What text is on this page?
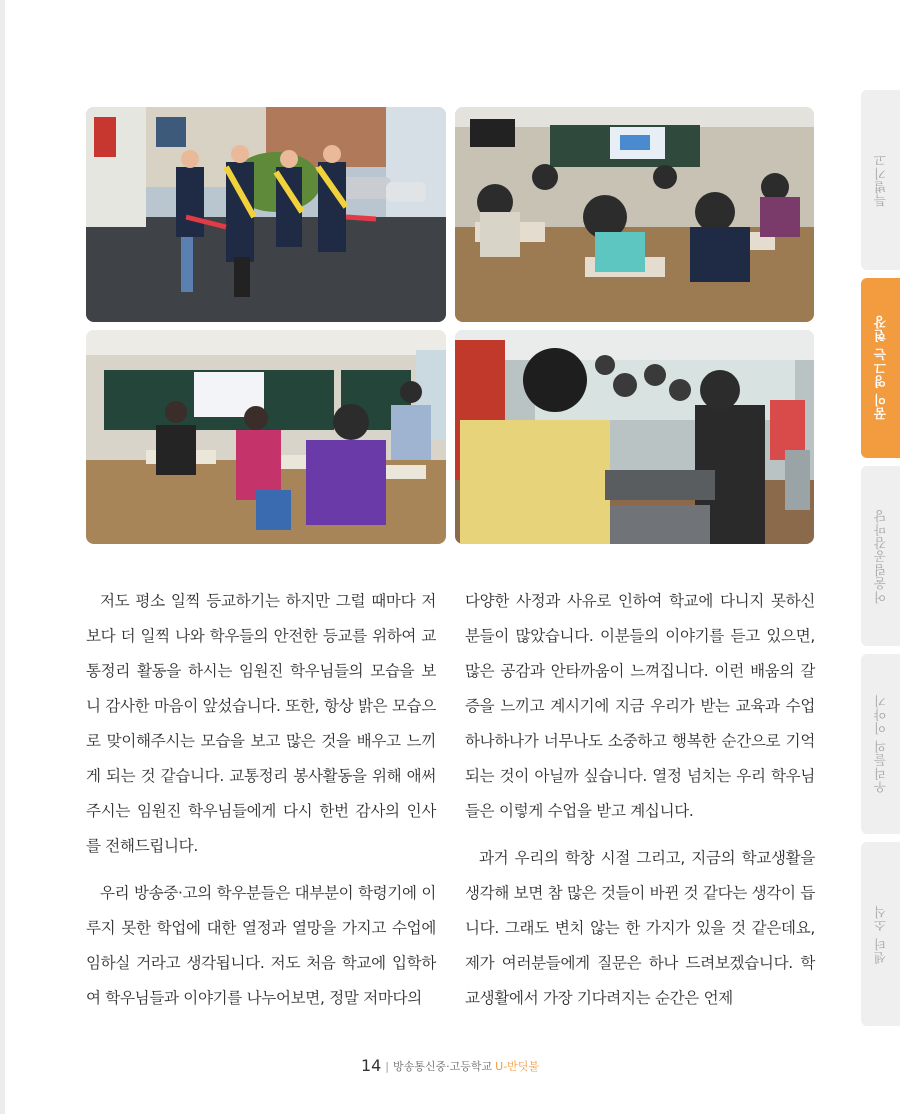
저도 평소 일찍 등교하기는 하지만 그럴 때마다 저보다 더 일찍 나와 학우들의 안전한 등교를 위하여 교통정리 활동을 하시는 임원진 학우님들의 모습을 보니 감사한 마음이 앞섰습니다. 또한, 항상 밝은 모습으로 맞이해주시는 모습을 보고 많은 것을 배우고 느끼게 되는 것 같습니다. 교통정리 봉사활동을 위해 애써주시는 임원진 학우님들에게 다시 한번 감사의 인사를 전해드립니다.

우리 방송중·고의 학우분들은 대부분이 학령기에 이루지 못한 학업에 대한 열정과 열망을 가지고 수업에 임하실 거라고 생각됩니다. 저도 처음 학교에 입학하여 학우님들과 이야기를 나누어보면, 정말 저마다의

다양한 사정과 사유로 인하여 학교에 다니지 못하신 분들이 많았습니다. 이분들의 이야기를 듣고 있으면, 많은 공감과 안타까움이 느껴집니다. 이런 배움의 갈증을 느끼고 계시기에 지금 우리가 받는 교육과 수업 하나하나가 너무나도 소중하고 행복한 순간으로 기억되는 것이 아닐까 싶습니다. 열정 넘치는 우리 학우님들은 이렇게 수업을 받고 계십니다.

과거 우리의 학창 시절 그리고, 지금의 학교생활을 생각해 보면 참 많은 것들이 바뀐 것 같다는 생각이 듭니다. 그래도 변치 않는 한 가지가 있을 것 같은데요, 제가 여러분들에게 질문은 하나 드려보겠습니다. 학교생활에서 가장 기다려지는 순간은 언제

특별기고
꿈이 영그는 현장
어울림공감마당
우리들의 이야기
센터 소식
14 | 방송통신중·고등학교 U-반딧불
